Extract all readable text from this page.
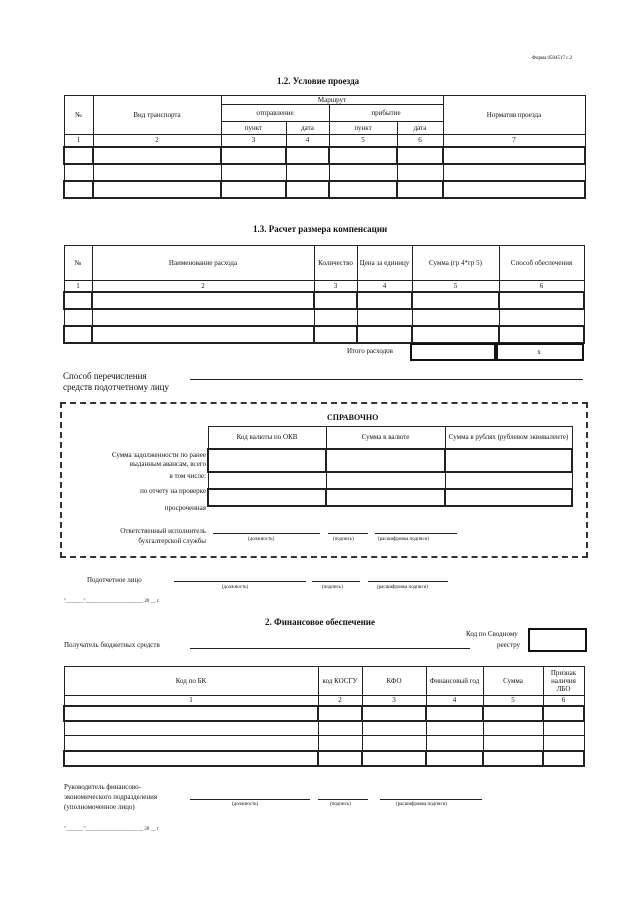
Форма 0504517 с.2
1.2. Условие проезда
№	Вид транспорта	Маршрут				Норматив проезда
		отправление		прибытие		
		пункт	дата	пункт	дата	
1	2	3	4	5	6	7

1.3. Расчет размера компенсации
№	Наименование расхода	Количество	Цена за единицу	Сумма (гр 4*гр 5)	Способ обеспечения
1	2	3	4	5	6

Итого расходов	x
Способ перечисления
средств подотчетному лицу
СПРАВОЧНО
Код валюты по ОКВ	Сумма в валюте	Сумма в рублях (рублевом эквиваленте)

Сумма задолженности по ранее выданным авансам, всего
в том числе:
по отчету на проверке
просроченная
Ответственный исполнитель
бухгалтерской службы	(должность)	(подпись)	(расшифровка подписи)
Подотчетное лицо
(должность)	(подпись)	(расшифровка подписи)
"_______"_______________________ 20 __ г.
2. Финансовое обеспечение
Код по Сводному
реестру
Получатель бюджетных средств
Код по БК	код КОСГУ	КФО	Финансовый год	Сумма	Признак наличия ЛБО
1	2	3	4	5	6

Руководитель финансово-
экономического подразделения
(уполномоченное лицо)	(должность)	(подпись)	(расшифровка подписи)
"_______"_______________________ 20 __ г
